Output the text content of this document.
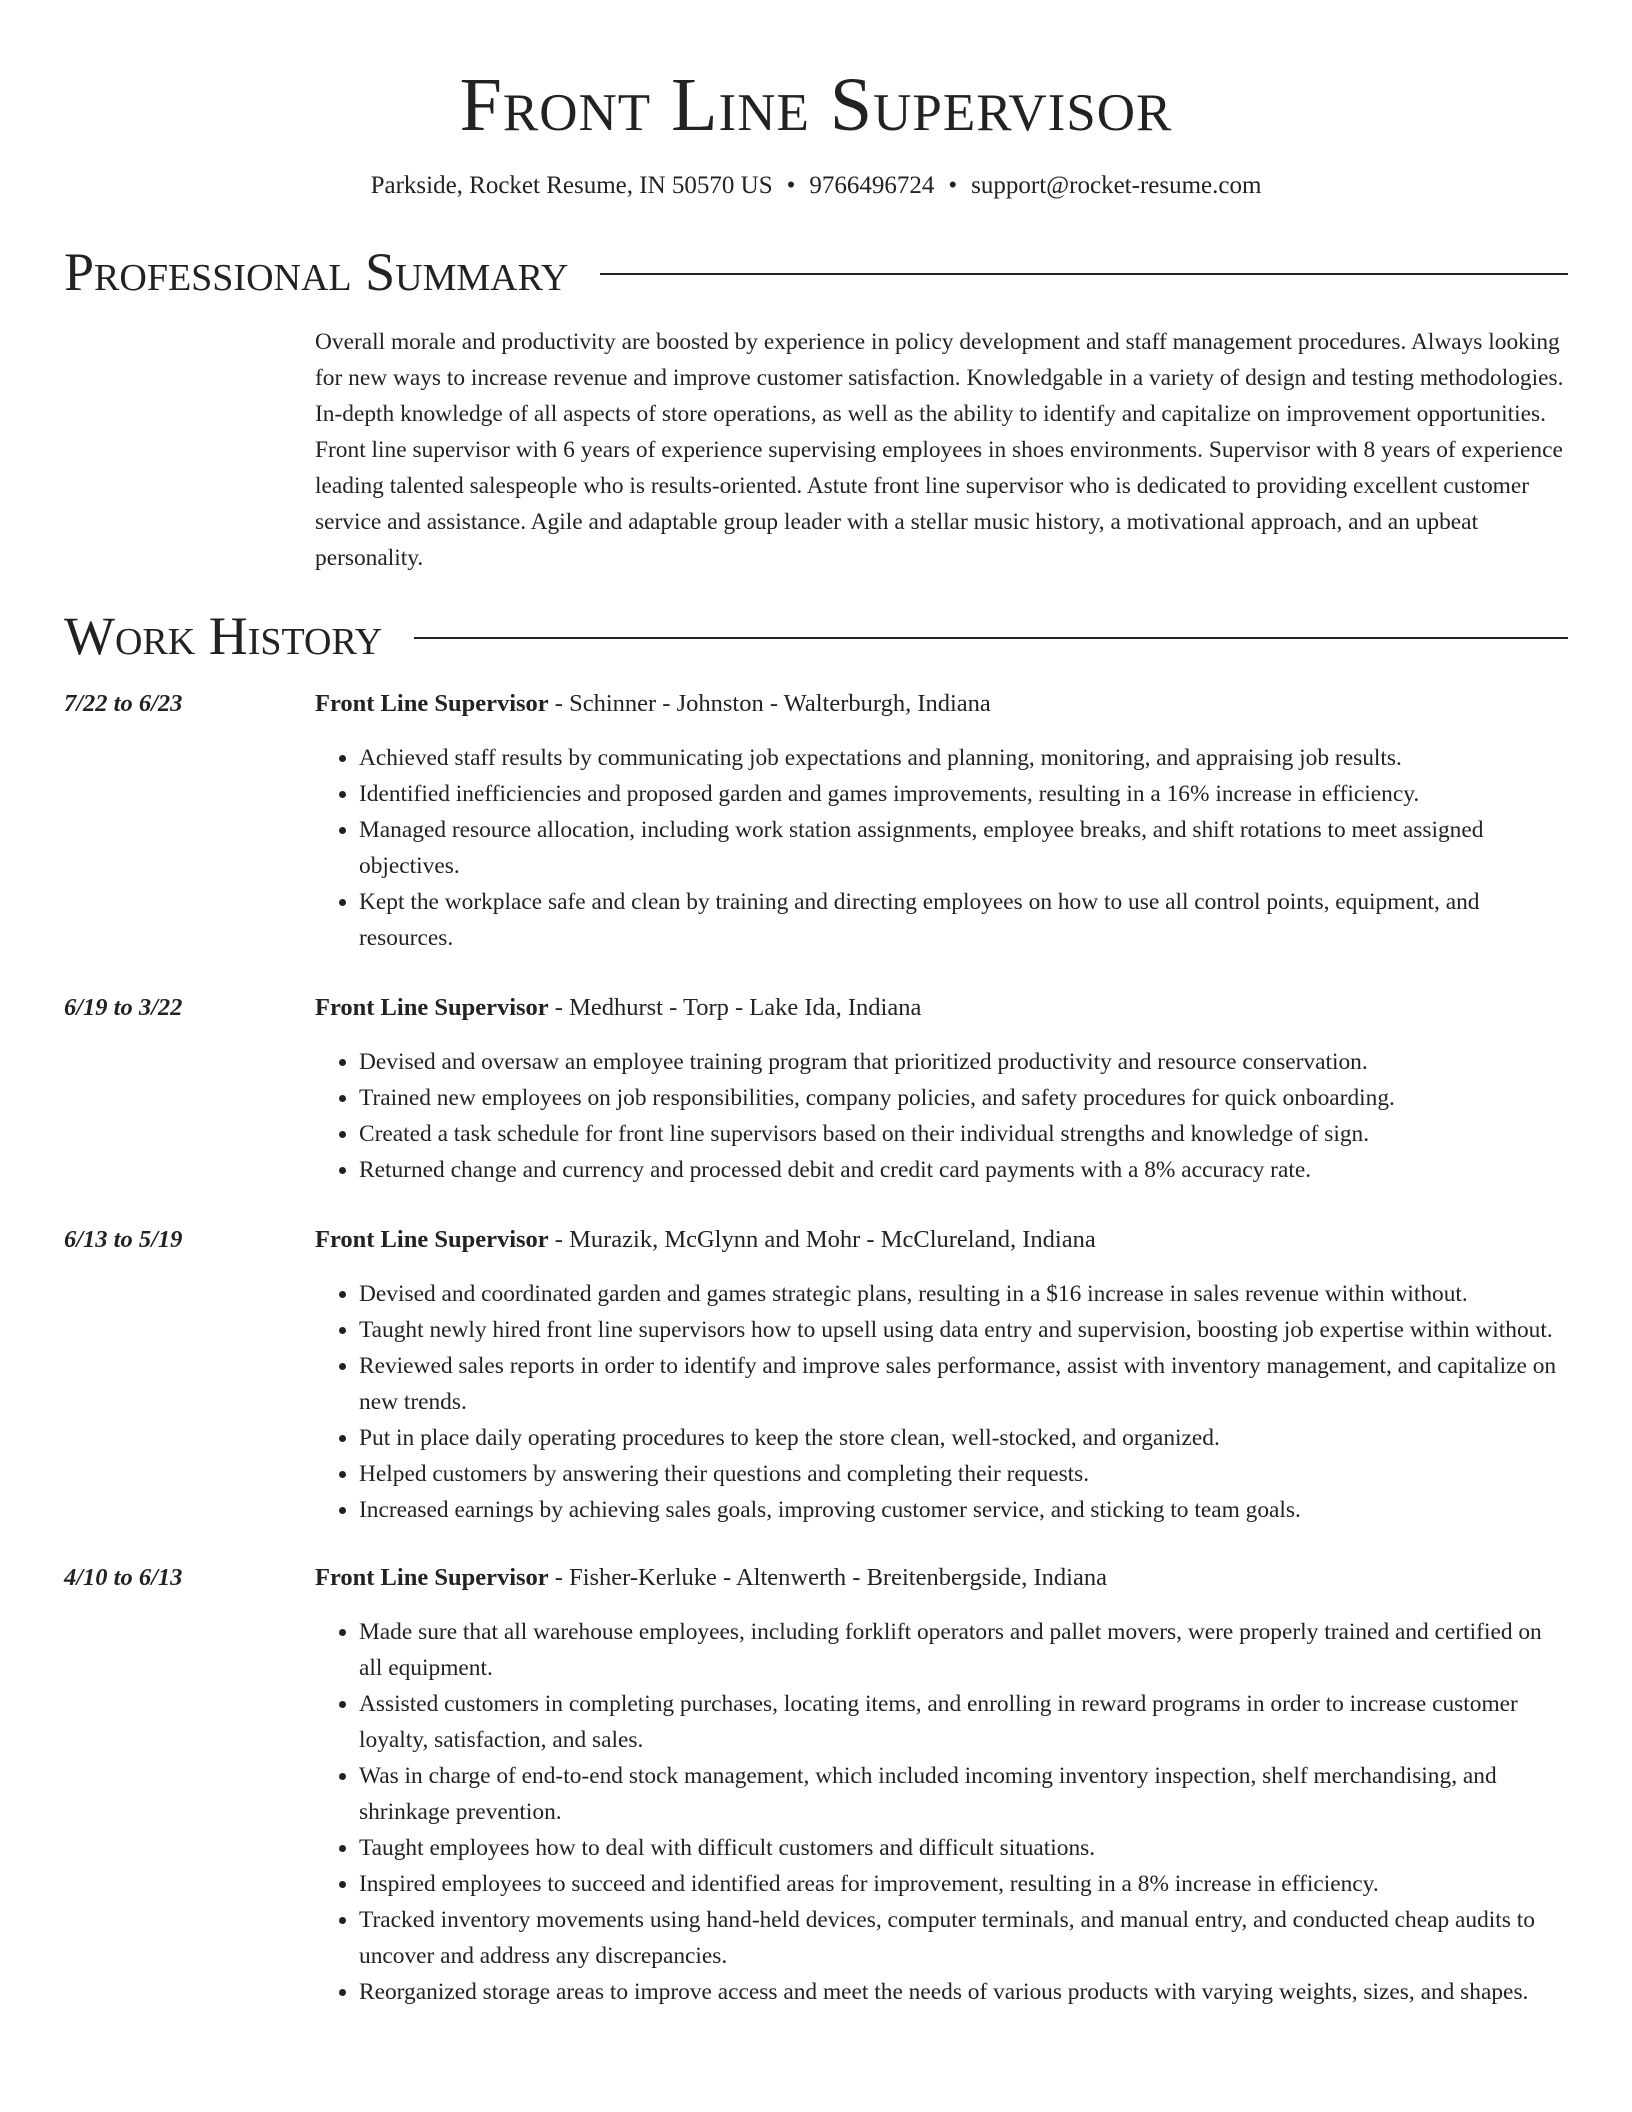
Front Line Supervisor
Parkside, Rocket Resume, IN 50570 US • 9766496724 • support@rocket-resume.com
Professional Summary

Overall morale and productivity are boosted by experience in policy development and staff management procedures. Always looking for new ways to increase revenue and improve customer satisfaction. Knowledgable in a variety of design and testing methodologies. In-depth knowledge of all aspects of store operations, as well as the ability to identify and capitalize on improvement opportunities. Front line supervisor with 6 years of experience supervising employees in shoes environments. Supervisor with 8 years of experience leading talented salespeople who is results-oriented. Astute front line supervisor who is dedicated to providing excellent customer service and assistance. Agile and adaptable group leader with a stellar music history, a motivational approach, and an upbeat personality.

Work History
7/22 to 6/23	Front Line Supervisor - Schinner - Johnston - Walterburgh, Indiana
• Achieved staff results by communicating job expectations and planning, monitoring, and appraising job results.
• Identified inefficiencies and proposed garden and games improvements, resulting in a 16% increase in efficiency.
• Managed resource allocation, including work station assignments, employee breaks, and shift rotations to meet assigned objectives.
• Kept the workplace safe and clean by training and directing employees on how to use all control points, equipment, and resources.
6/19 to 3/22	Front Line Supervisor - Medhurst - Torp - Lake Ida, Indiana
• Devised and oversaw an employee training program that prioritized productivity and resource conservation.
• Trained new employees on job responsibilities, company policies, and safety procedures for quick onboarding.
• Created a task schedule for front line supervisors based on their individual strengths and knowledge of sign.
• Returned change and currency and processed debit and credit card payments with a 8% accuracy rate.
6/13 to 5/19	Front Line Supervisor - Murazik, McGlynn and Mohr - McClureland, Indiana
• Devised and coordinated garden and games strategic plans, resulting in a $16 increase in sales revenue within without.
• Taught newly hired front line supervisors how to upsell using data entry and supervision, boosting job expertise within without.
• Reviewed sales reports in order to identify and improve sales performance, assist with inventory management, and capitalize on new trends.
• Put in place daily operating procedures to keep the store clean, well-stocked, and organized.
• Helped customers by answering their questions and completing their requests.
• Increased earnings by achieving sales goals, improving customer service, and sticking to team goals.
4/10 to 6/13	Front Line Supervisor - Fisher-Kerluke - Altenwerth - Breitenbergside, Indiana
• Made sure that all warehouse employees, including forklift operators and pallet movers, were properly trained and certified on all equipment.
• Assisted customers in completing purchases, locating items, and enrolling in reward programs in order to increase customer loyalty, satisfaction, and sales.
• Was in charge of end-to-end stock management, which included incoming inventory inspection, shelf merchandising, and shrinkage prevention.
• Taught employees how to deal with difficult customers and difficult situations.
• Inspired employees to succeed and identified areas for improvement, resulting in a 8% increase in efficiency.
• Tracked inventory movements using hand-held devices, computer terminals, and manual entry, and conducted cheap audits to uncover and address any discrepancies.
• Reorganized storage areas to improve access and meet the needs of various products with varying weights, sizes, and shapes.
